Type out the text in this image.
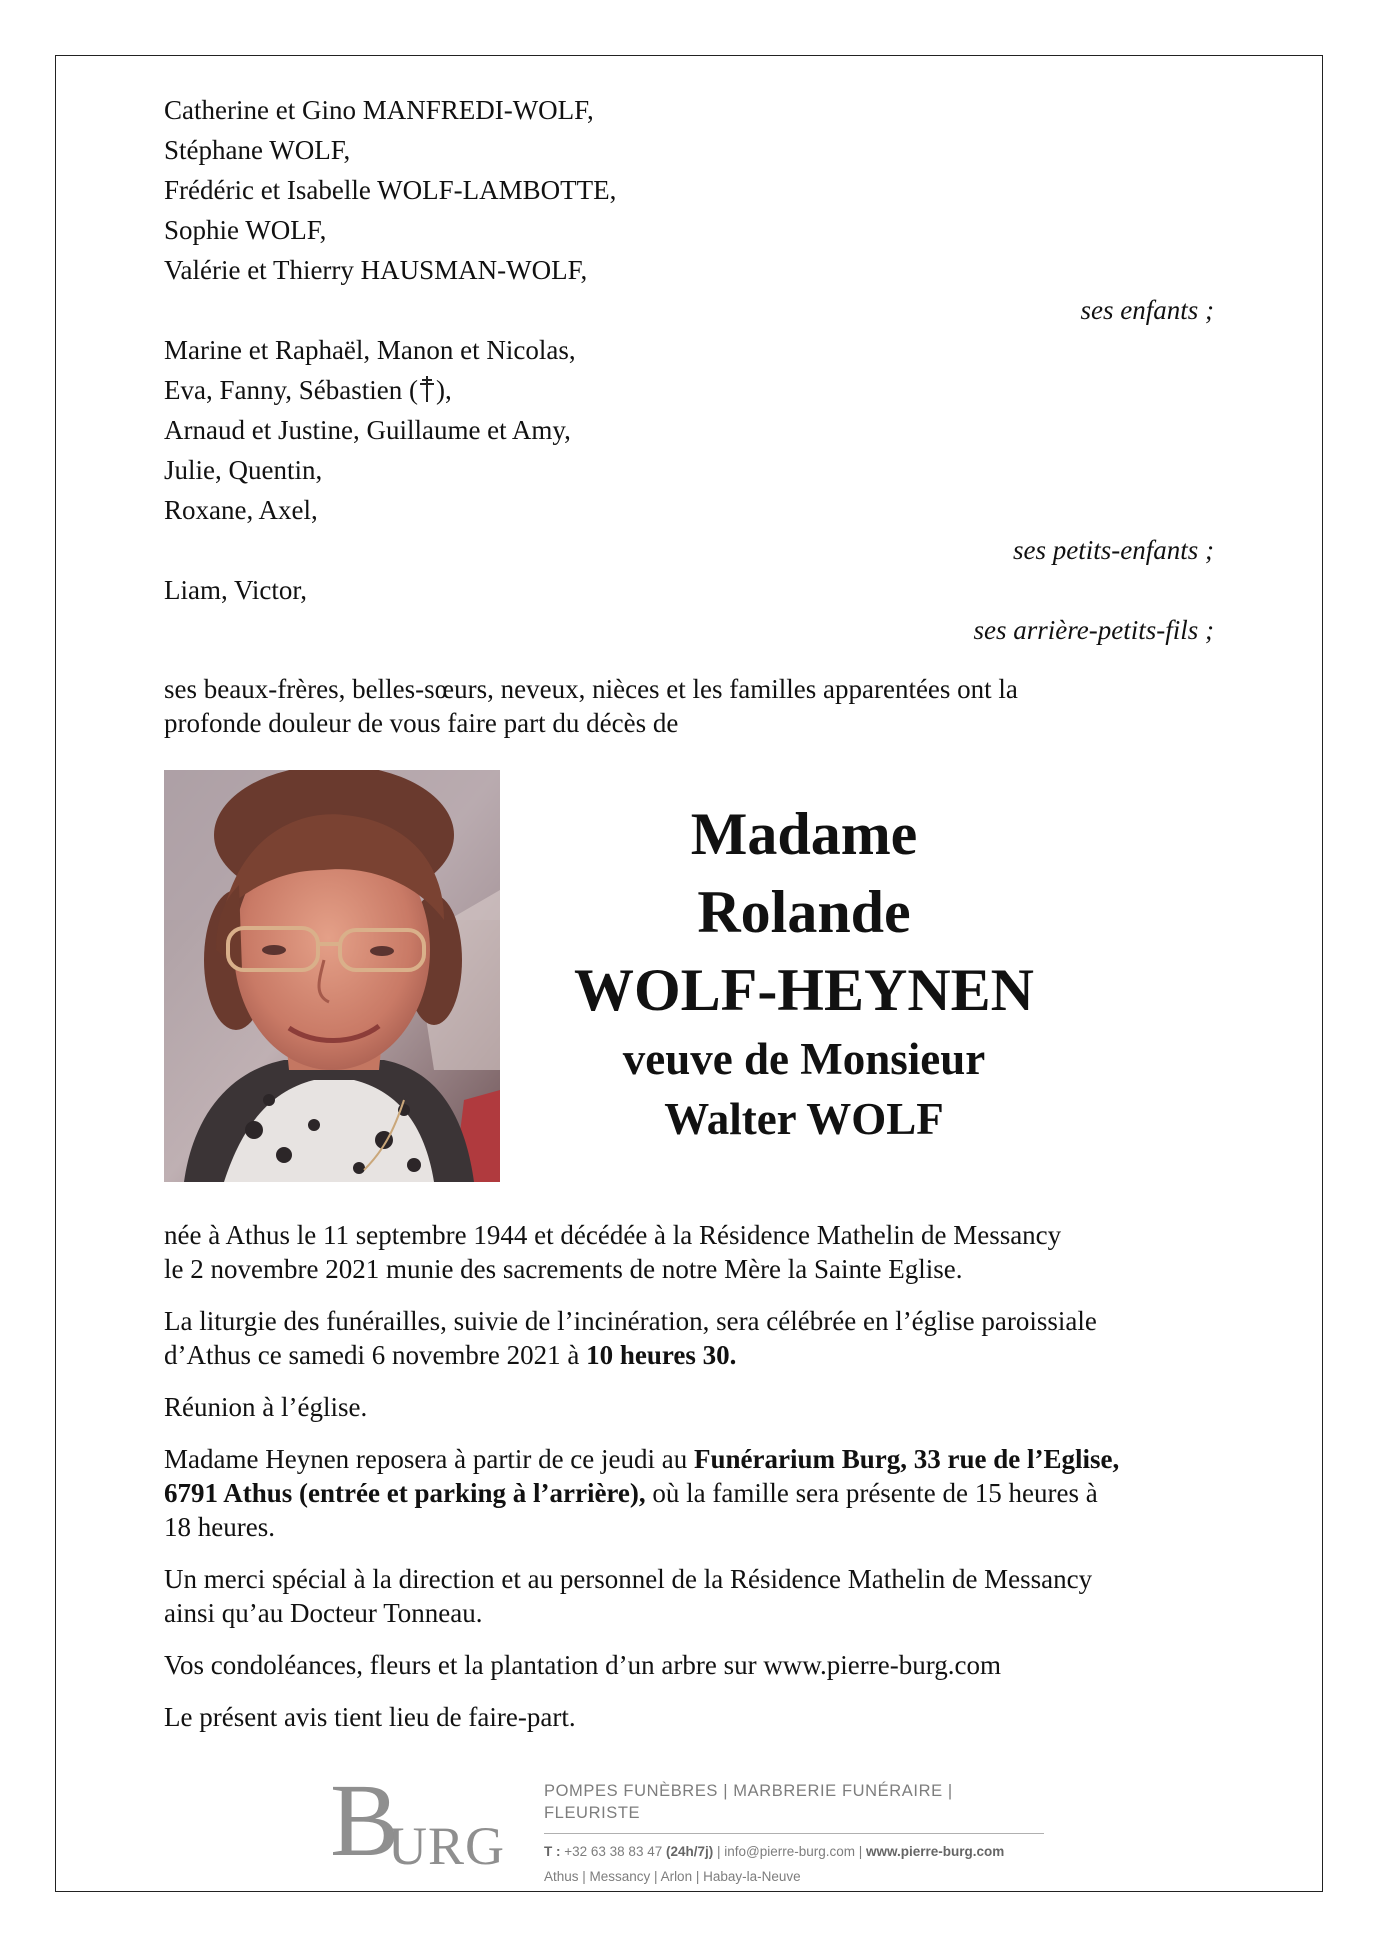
Catherine et Gino MANFREDI-WOLF,
Stéphane WOLF,
Frédéric et Isabelle WOLF-LAMBOTTE,
Sophie WOLF,
Valérie et Thierry HAUSMAN-WOLF,
ses enfants ;
Marine et Raphaël, Manon et Nicolas,
Eva, Fanny, Sébastien ( ),
Arnaud et Justine, Guillaume et Amy,
Julie, Quentin,
Roxane, Axel,
ses petits-enfants ;
Liam, Victor,
ses arrière-petits-fils ;
ses beaux-frères, belles-sœurs, neveux, nièces et les familles apparentées ont la
profonde douleur de vous faire part du décès de
Madame
Rolande
WOLF-HEYNEN
veuve de Monsieur
Walter WOLF
née à Athus le 11 septembre 1944 et décédée à la Résidence Mathelin de Messancy
le 2 novembre 2021 munie des sacrements de notre Mère la Sainte Eglise.
La liturgie des funérailles, suivie de l’incinération, sera célébrée en l’église paroissiale
d’Athus ce samedi 6 novembre 2021 à 10 heures 30.
Réunion à l’église.
Madame Heynen reposera à partir de ce jeudi au Funérarium Burg, 33 rue de l’Eglise,
6791 Athus (entrée et parking à l’arrière), où la famille sera présente de 15 heures à
18 heures.
Un merci spécial à la direction et au personnel de la Résidence Mathelin de Messancy
ainsi qu’au Docteur Tonneau.
Vos condoléances, fleurs et la plantation d’un arbre sur www.pierre-burg.com
Le présent avis tient lieu de faire-part.
B
URG
POMPES FUNÈBRES | MARBRERIE FUNÉRAIRE | FLEURISTE
T : +32 63 38 83 47 (24h/7j) | info@pierre-burg.com | www.pierre-burg.com
Athus | Messancy | Arlon | Habay-la-Neuve
